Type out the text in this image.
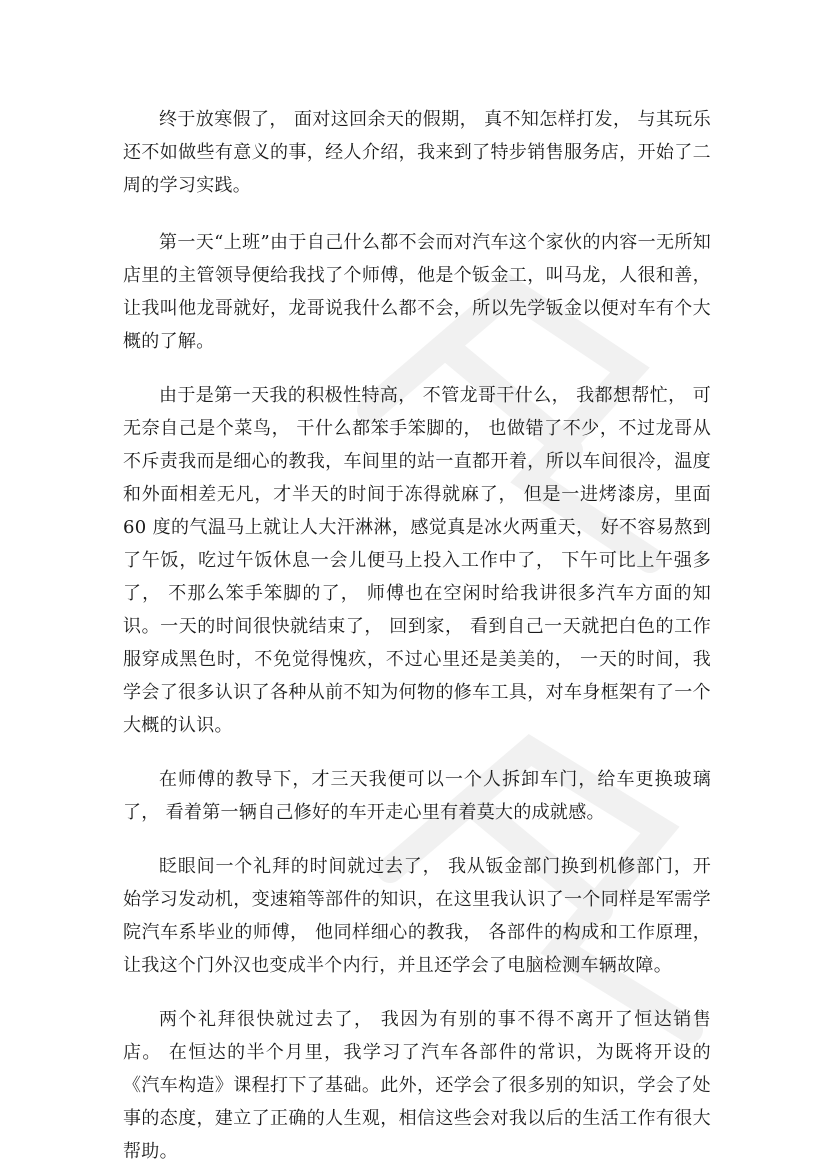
终于放寒假了， 面对这回余天的假期， 真不知怎样打发， 与其玩乐还不如做些有意义的事，经人介绍，我来到了特步销售服务店，开始了二周的学习实践。

第一天“上班”由于自己什么都不会而对汽车这个家伙的内容一无所知店里的主管领导便给我找了个师傅，他是个钣金工，叫马龙，人很和善，让我叫他龙哥就好，龙哥说我什么都不会，所以先学钣金以便对车有个大概的了解。

由于是第一天我的积极性特高， 不管龙哥干什么， 我都想帮忙， 可无奈自己是个菜鸟， 干什么都笨手笨脚的， 也做错了不少，不过龙哥从不斥责我而是细心的教我，车间里的站一直都开着，所以车间很冷，温度和外面相差无凡，才半天的时间于冻得就麻了， 但是一进烤漆房，里面 60 度的气温马上就让人大汗淋淋，感觉真是冰火两重天， 好不容易熬到了午饭，吃过午饭休息一会儿便马上投入工作中了， 下午可比上午强多了， 不那么笨手笨脚的了， 师傅也在空闲时给我讲很多汽车方面的知识。一天的时间很快就结束了， 回到家， 看到自己一天就把白色的工作服穿成黑色时，不免觉得愧疚，不过心里还是美美的， 一天的时间，我学会了很多认识了各种从前不知为何物的修车工具，对车身框架有了一个大概的认识。

在师傅的教导下，才三天我便可以一个人拆卸车门，给车更换玻璃了， 看着第一辆自己修好的车开走心里有着莫大的成就感。

眨眼间一个礼拜的时间就过去了， 我从钣金部门换到机修部门，开始学习发动机，变速箱等部件的知识，在这里我认识了一个同样是军需学院汽车系毕业的师傅， 他同样细心的教我， 各部件的构成和工作原理，让我这个门外汉也变成半个内行，并且还学会了电脑检测车辆故障。

两个礼拜很快就过去了， 我因为有别的事不得不离开了恒达销售店。 在恒达的半个月里，我学习了汽车各部件的常识，为既将开设的《汽车构造》课程打下了基础。此外，还学会了很多别的知识，学会了处事的态度，建立了正确的人生观，相信这些会对我以后的生活工作有很大帮助。
